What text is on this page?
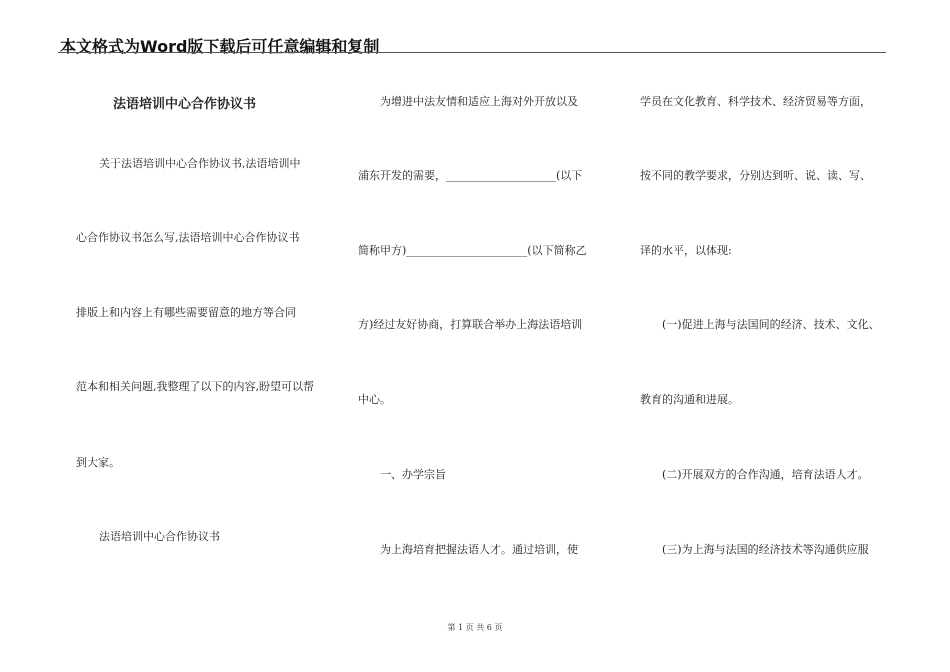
本文格式为Word版下载后可任意编辑和复制
法语培训中心合作协议书
关于法语培训中心合作协议书,法语培训中
心合作协议书怎么写,法语培训中心合作协议书
排版上和内容上有哪些需要留意的地方等合同
范本和相关问题,我整理了以下的内容,盼望可以帮
到大家。
法语培训中心合作协议书
为增进中法友情和适应上海对外开放以及
浦东开发的需要，____________________(以下
简称甲方)______________________(以下简称乙
方)经过友好协商，打算联合举办上海法语培训
中心。
一、办学宗旨
为上海培育把握法语人才。通过培训，使
学员在文化教育、科学技术、经济贸易等方面，
按不同的教学要求，分别达到听、说、读、写、
译的水平，以体现:
(一)促进上海与法国间的经济、技术、文化、
教育的沟通和进展。
(二)开展双方的合作沟通，培育法语人才。
(三)为上海与法国的经济技术等沟通供应服
第 1 页 共 6 页
